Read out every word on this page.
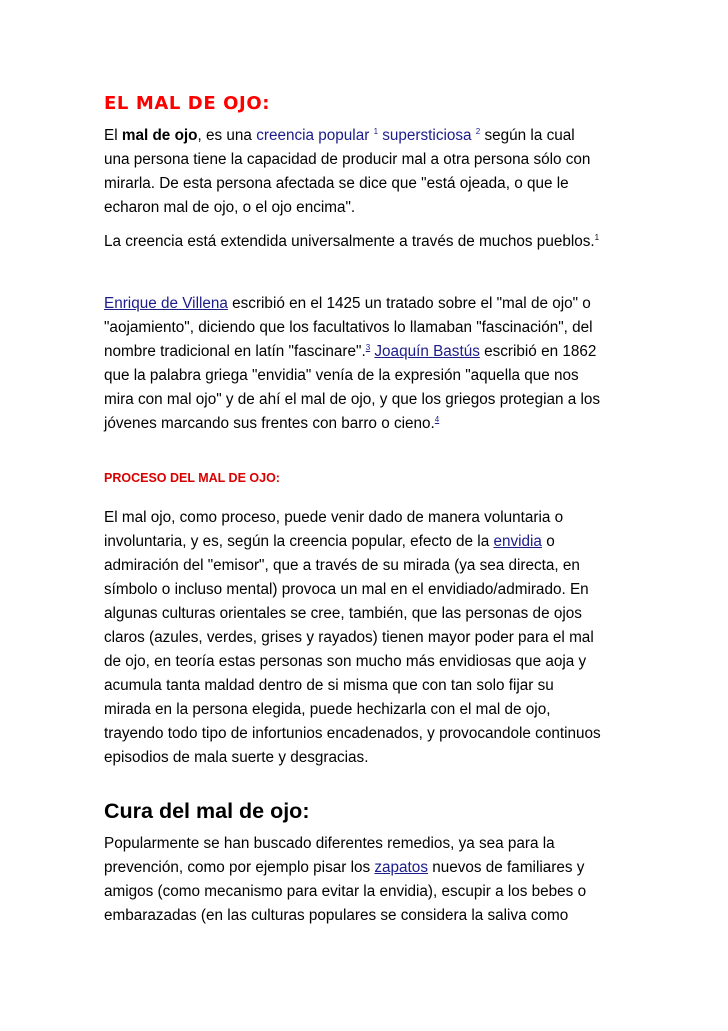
EL MAL DE OJO:

El mal de ojo, es una creencia popular $^1$ supersticiosa $^2$ según la cual
una persona tiene la capacidad de producir mal a otra persona sólo con
mirarla. De esta persona afectada se dice que "está ojeada, o que le
echaron mal de ojo, o el ojo encima".

La creencia está extendida universalmente a través de muchos pueblos.$^1$

Enrique de Villena escribió en el 1425 un tratado sobre el "mal de ojo" o
"aojamiento", diciendo que los facultativos lo llamaban "fascinación", del
nombre tradicional en latín "fascinare".$^3$ Joaquín Bastús escribió en 1862
que la palabra griega "envidia" venía de la expresión "aquella que nos
mira con mal ojo" y de ahí el mal de ojo, y que los griegos protegian a los
jóvenes marcando sus frentes con barro o cieno.$^4$

PROCESO DEL MAL DE OJO:

El mal ojo, como proceso, puede venir dado de manera voluntaria o
involuntaria, y es, según la creencia popular, efecto de la envidia o
admiración del "emisor", que a través de su mirada (ya sea directa, en
símbolo o incluso mental) provoca un mal en el envidiado/admirado. En
algunas culturas orientales se cree, también, que las personas de ojos
claros (azules, verdes, grises y rayados) tienen mayor poder para el mal
de ojo, en teoría estas personas son mucho más envidiosas que aoja y
acumula tanta maldad dentro de si misma que con tan solo fijar su
mirada en la persona elegida, puede hechizarla con el mal de ojo,
trayendo todo tipo de infortunios encadenados, y provocandole continuos
episodios de mala suerte y desgracias.

Cura del mal de ojo:

Popularmente se han buscado diferentes remedios, ya sea para la
prevención, como por ejemplo pisar los zapatos nuevos de familiares y
amigos (como mecanismo para evitar la envidia), escupir a los bebes o
embarazadas (en las culturas populares se considera la saliva como
